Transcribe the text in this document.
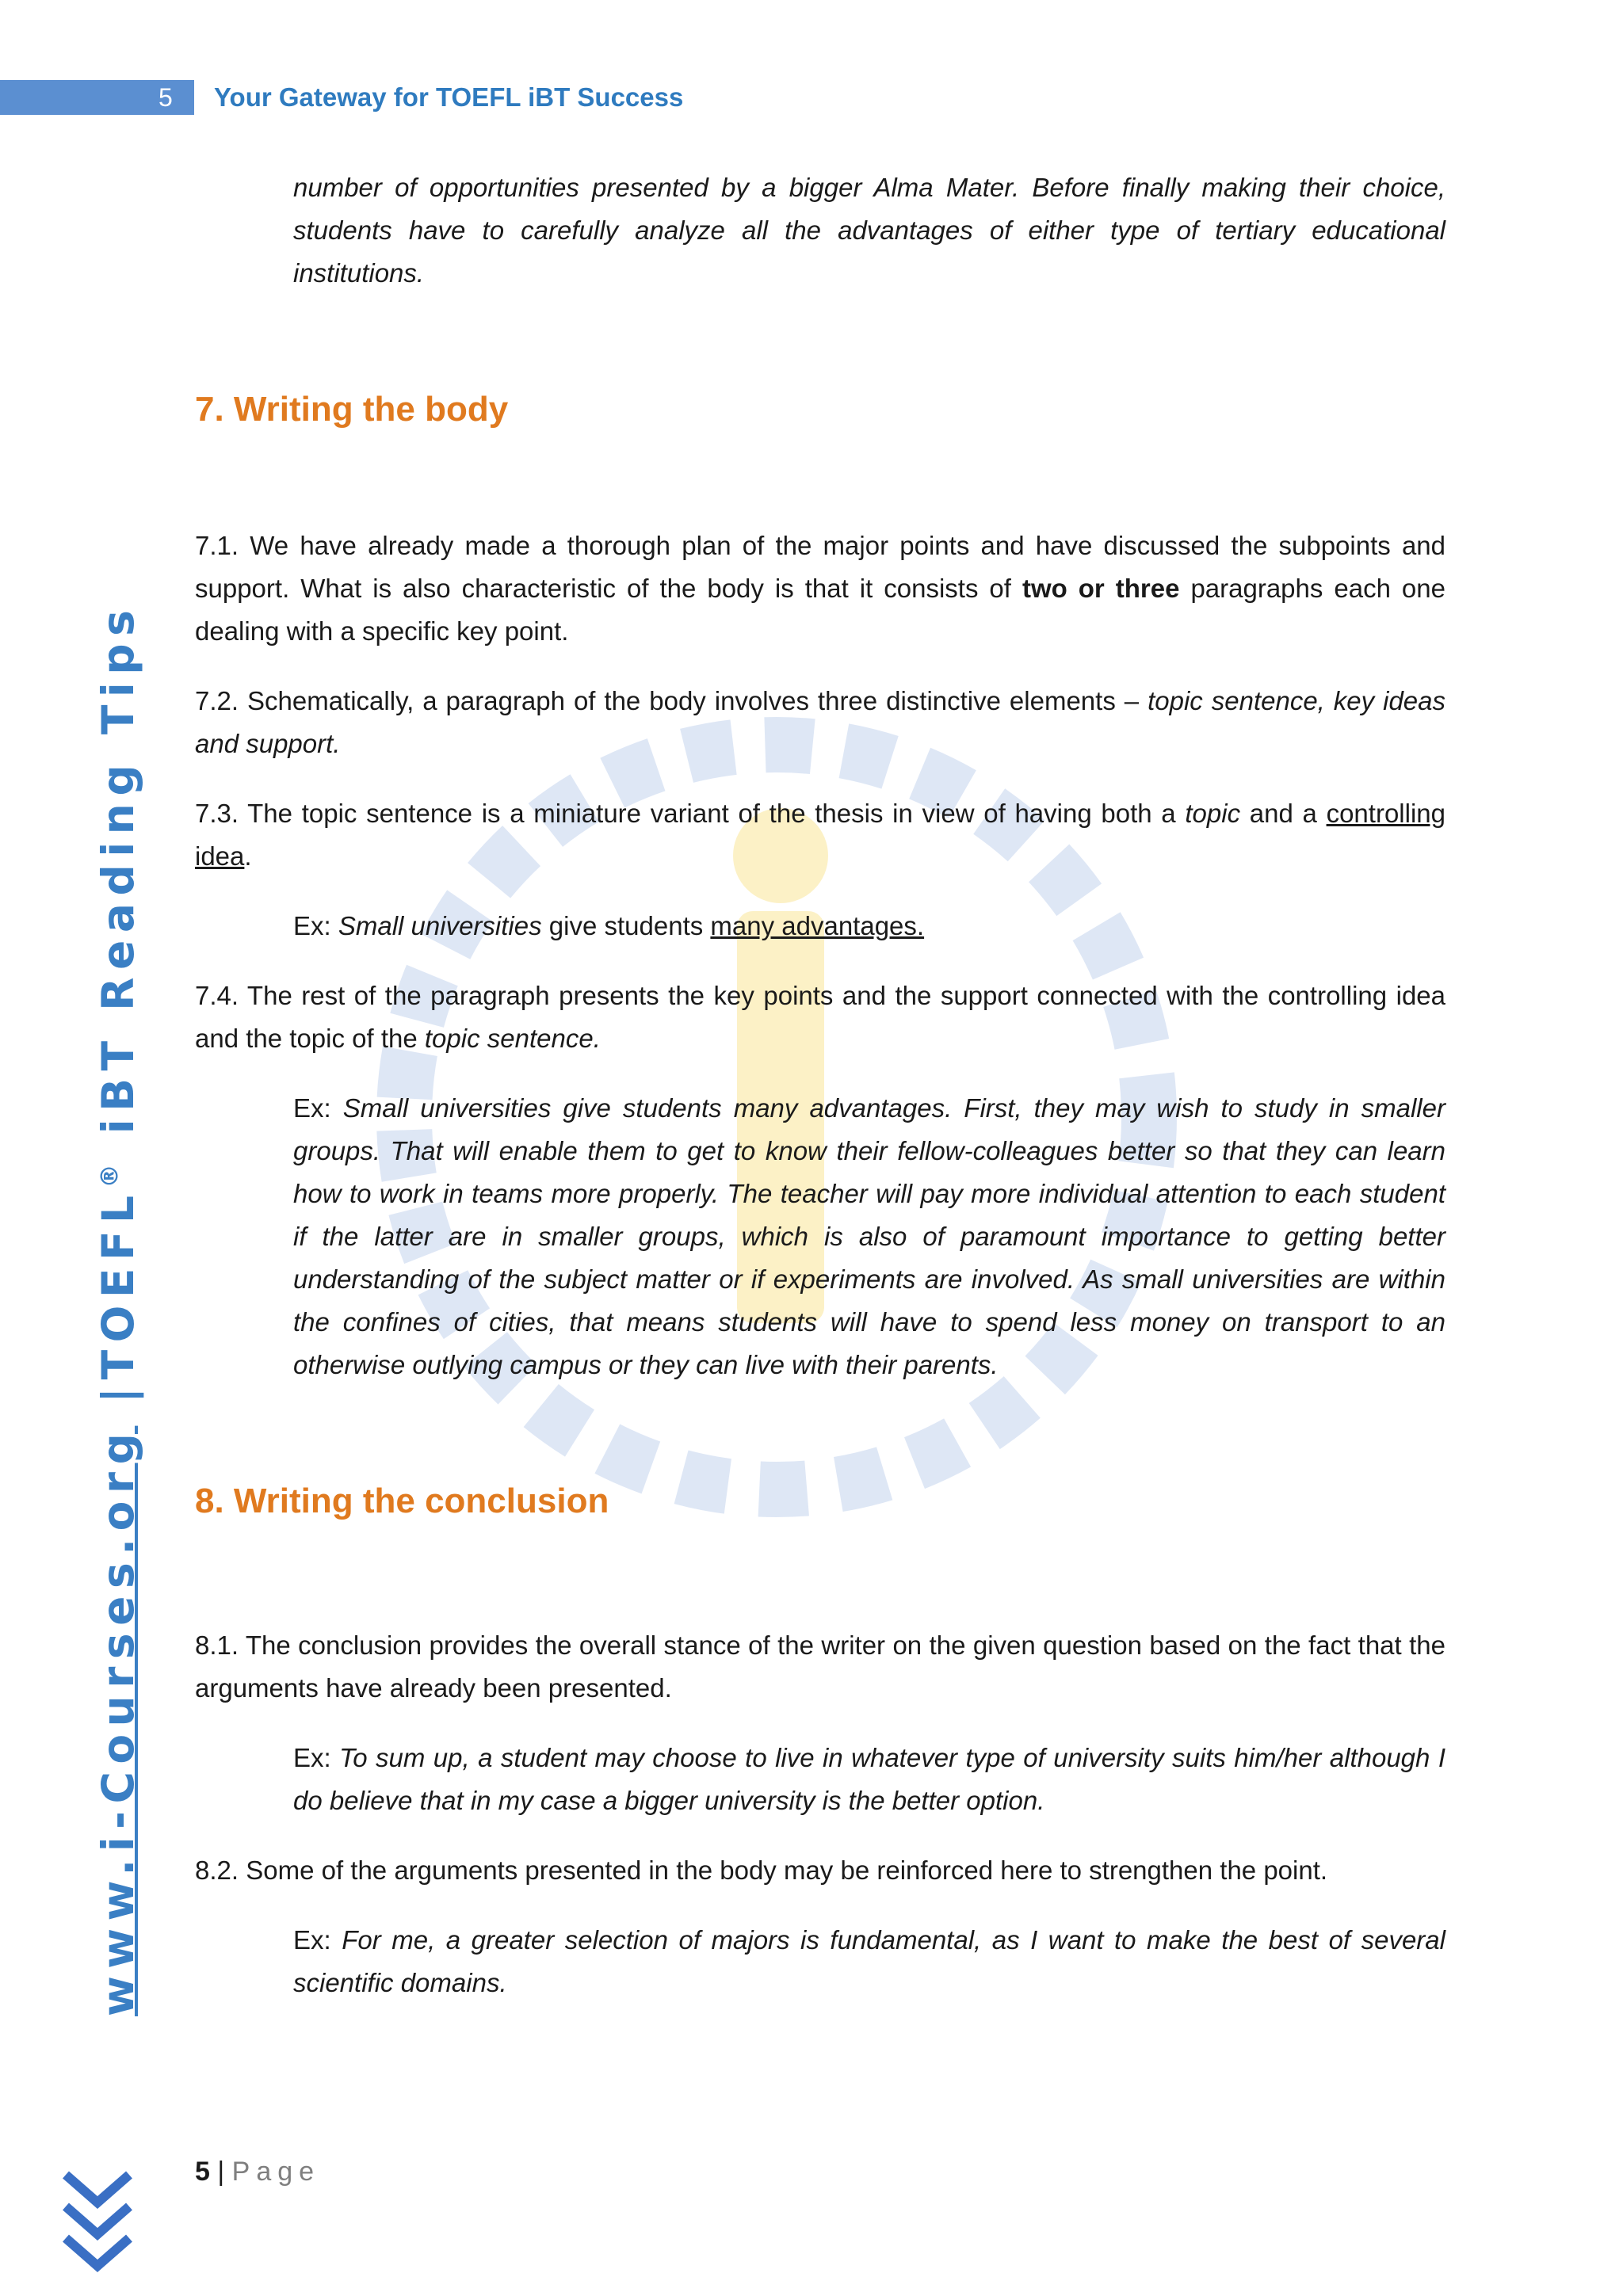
5 Your Gateway for TOEFL iBT Success
www.i-Courses.org |TOEFL® iBT Reading Tips

number of opportunities presented by a bigger Alma Mater. Before finally making their choice, students have to carefully analyze all the advantages of either type of tertiary educational institutions.

7. Writing the body

7.1. We have already made a thorough plan of the major points and have discussed the subpoints and support. What is also characteristic of the body is that it consists of two or three paragraphs each one dealing with a specific key point.

7.2. Schematically, a paragraph of the body involves three distinctive elements – topic sentence, key ideas and support.

7.3. The topic sentence is a miniature variant of the thesis in view of having both a topic and a controlling idea.

Ex: Small universities give students many advantages.

7.4. The rest of the paragraph presents the key points and the support connected with the controlling idea and the topic of the topic sentence.

Ex: Small universities give students many advantages. First, they may wish to study in smaller groups. That will enable them to get to know their fellow-colleagues better so that they can learn how to work in teams more properly. The teacher will pay more individual attention to each student if the latter are in smaller groups, which is also of paramount importance to getting better understanding of the subject matter or if experiments are involved. As small universities are within the confines of cities, that means students will have to spend less money on transport to an otherwise outlying campus or they can live with their parents.

8. Writing the conclusion

8.1. The conclusion provides the overall stance of the writer on the given question based on the fact that the arguments have already been presented.

Ex: To sum up, a student may choose to live in whatever type of university suits him/her although I do believe that in my case a bigger university is the better option.

8.2. Some of the arguments presented in the body may be reinforced here to strengthen the point.

Ex: For me, a greater selection of majors is fundamental, as I want to make the best of several scientific domains.

5 | Page
